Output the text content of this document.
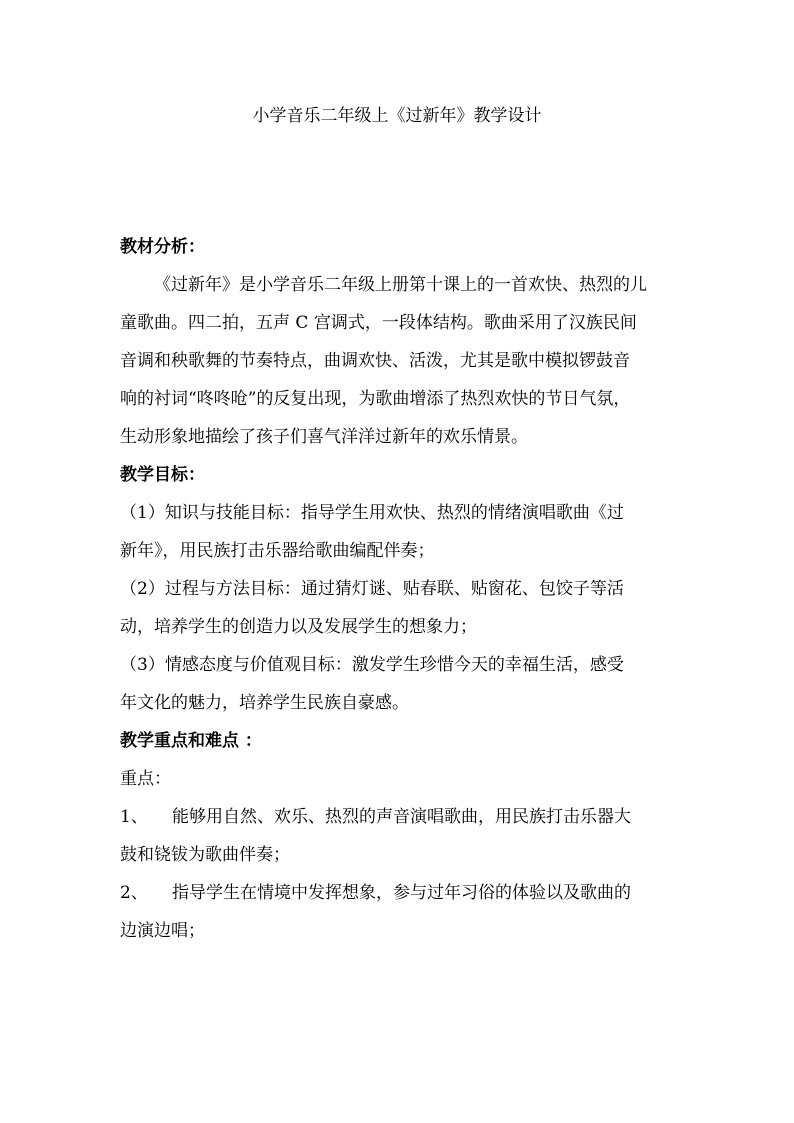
小学音乐二年级上《过新年》教学设计
教材分析：
《过新年》是小学音乐二年级上册第十课上的一首欢快、热烈的儿
童歌曲。四二拍，五声 C 宫调式，一段体结构。歌曲采用了汉族民间
音调和秧歌舞的节奏特点，曲调欢快、活泼，尤其是歌中模拟锣鼓音
响的衬词“咚咚呛”的反复出现，为歌曲增添了热烈欢快的节日气氛，
生动形象地描绘了孩子们喜气洋洋过新年的欢乐情景。
教学目标：
（1）知识与技能目标：指导学生用欢快、热烈的情绪演唱歌曲《过
新年》，用民族打击乐器给歌曲编配伴奏；
（2）过程与方法目标：通过猜灯谜、贴春联、贴窗花、包饺子等活
动，培养学生的创造力以及发展学生的想象力；
（3）情感态度与价值观目标：激发学生珍惜今天的幸福生活，感受
年文化的魅力，培养学生民族自豪感。
教学重点和难点 ：
重点：
1、 能够用自然、欢乐、热烈的声音演唱歌曲，用民族打击乐器大
鼓和铙钹为歌曲伴奏；
2、 指导学生在情境中发挥想象，参与过年习俗的体验以及歌曲的
边演边唱；
